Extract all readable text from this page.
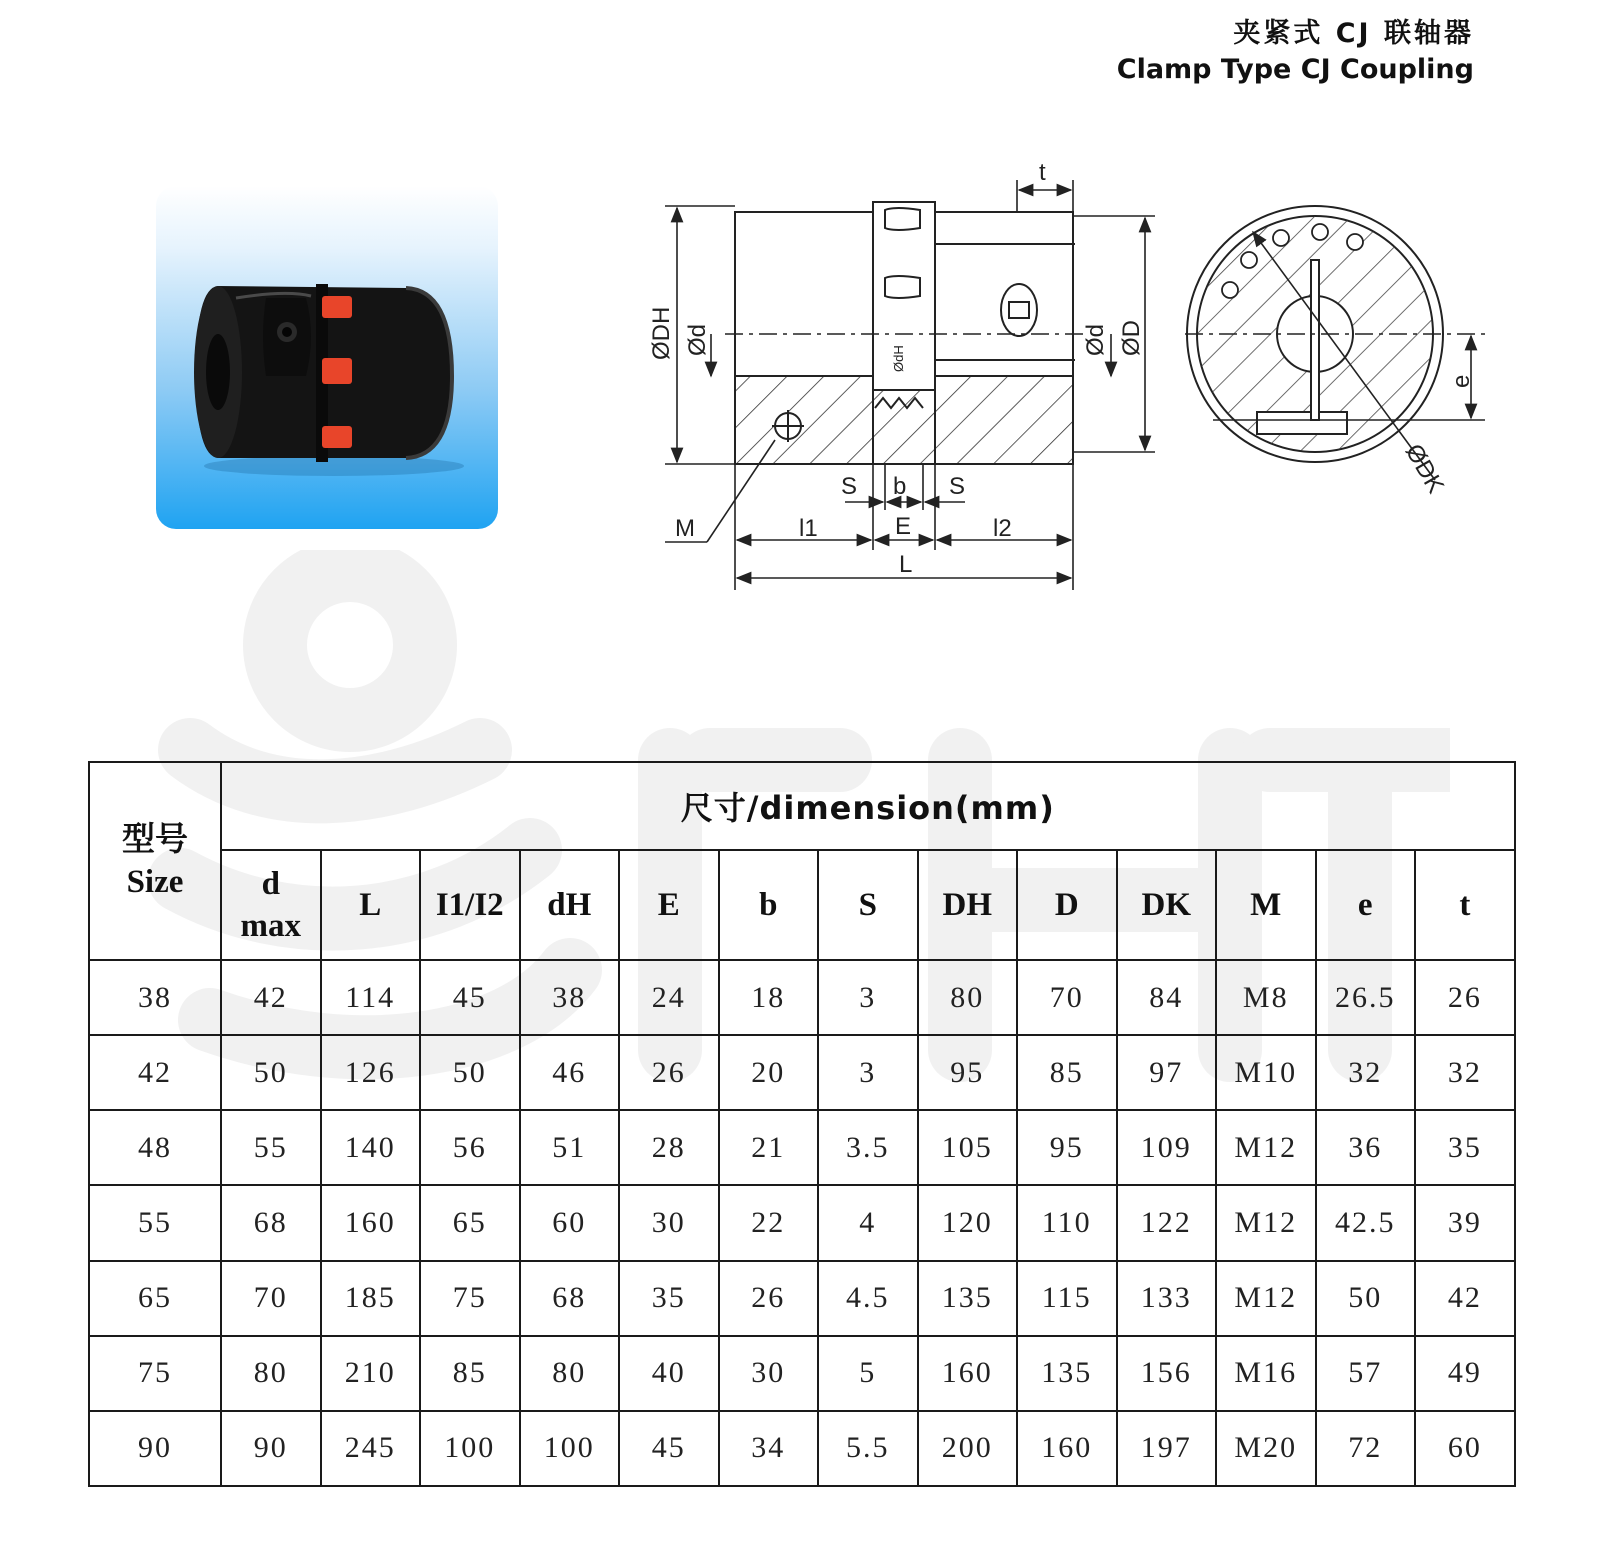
夹紧式 CJ 联轴器
Clamp Type CJ Coupling
t
ØDH Ød
ØdH
Ød ØD
S b S
M	l1	E	l2
L
e
ØDK
型号
Size	尺寸/dimension(mm)												

	d
max	L	I1/I2	dH	E	b	S	DH	D	DK	M	e	t
38	42	114	45	38	24	18	3	80	70	84	M8	26.5	26
42	50	126	50	46	26	20	3	95	85	97	M10	32	32
48	55	140	56	51	28	21	3.5	105	95	109	M12	36	35
55	68	160	65	60	30	22	4	120	110	122	M12	42.5	39
65	70	185	75	68	35	26	4.5	135	115	133	M12	50	42
75	80	210	85	80	40	30	5	160	135	156	M16	57	49
90	90	245	100	100	45	34	5.5	200	160	197	M20	72	60
